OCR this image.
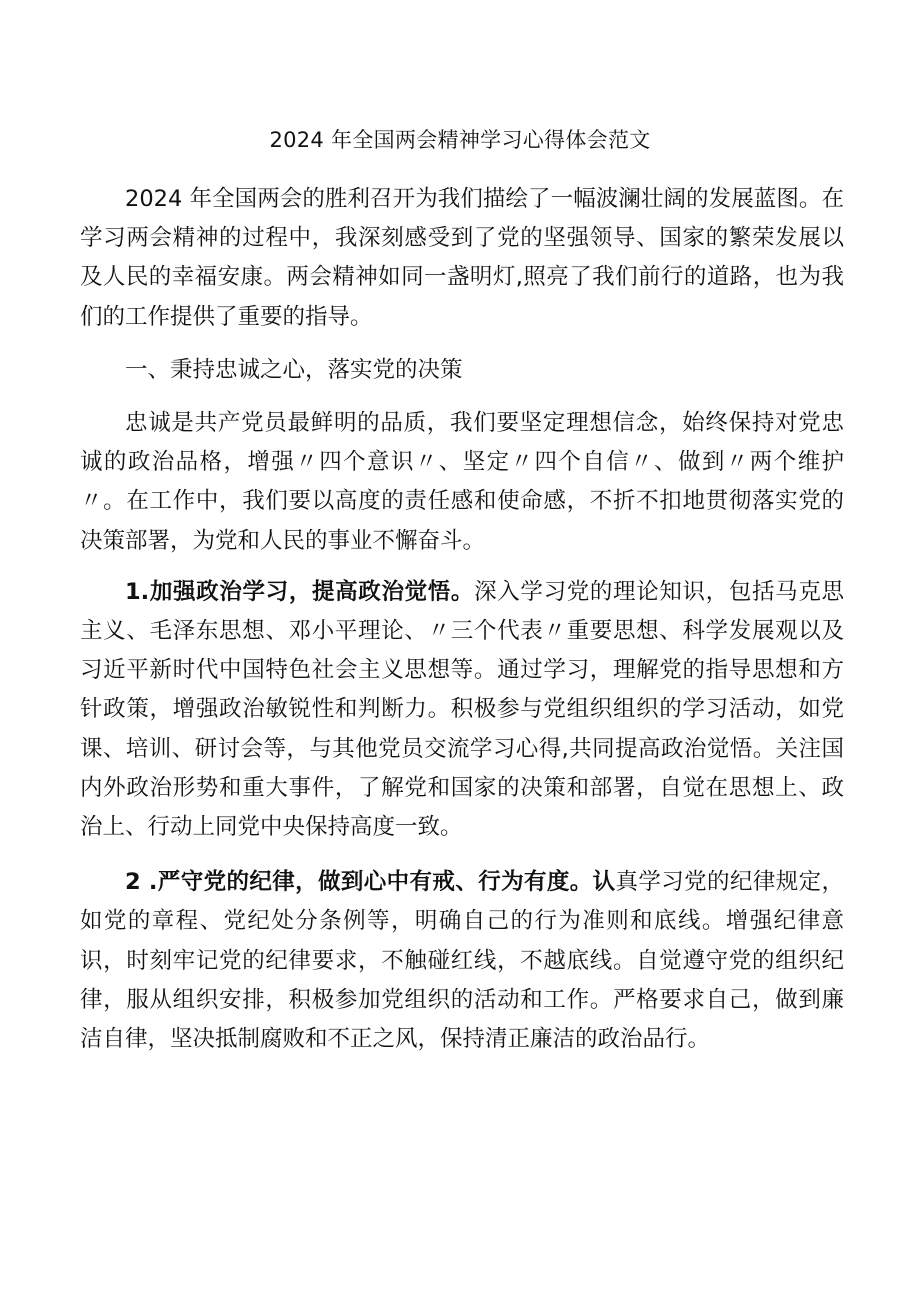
2024 年全国两会精神学习心得体会范文

2024 年全国两会的胜利召开为我们描绘了一幅波澜壮阔的发展蓝图。在学习两会精神的过程中，我深刻感受到了党的坚强领导、国家的繁荣发展以及人民的幸福安康。两会精神如同一盏明灯,照亮了我们前行的道路，也为我们的工作提供了重要的指导。

一、秉持忠诚之心，落实党的决策

忠诚是共产党员最鲜明的品质，我们要坚定理想信念，始终保持对党忠诚的政治品格，增强〃四个意识〃、坚定〃四个自信〃、做到〃两个维护〃。在工作中，我们要以高度的责任感和使命感，不折不扣地贯彻落实党的决策部署，为党和人民的事业不懈奋斗。

1.加强政治学习，提高政治觉悟。深入学习党的理论知识，包括马克思主义、毛泽东思想、邓小平理论、〃三个代表〃重要思想、科学发展观以及习近平新时代中国特色社会主义思想等。通过学习，理解党的指导思想和方针政策，增强政治敏锐性和判断力。积极参与党组织组织的学习活动，如党课、培训、研讨会等，与其他党员交流学习心得,共同提高政治觉悟。关注国内外政治形势和重大事件，了解党和国家的决策和部署，自觉在思想上、政治上、行动上同党中央保持高度一致。

2 .严守党的纪律，做到心中有戒、行为有度。认真学习党的纪律规定，如党的章程、党纪处分条例等，明确自己的行为准则和底线。增强纪律意识，时刻牢记党的纪律要求，不触碰红线，不越底线。自觉遵守党的组织纪律，服从组织安排，积极参加党组织的活动和工作。严格要求自己，做到廉洁自律，坚决抵制腐败和不正之风，保持清正廉洁的政治品行。
